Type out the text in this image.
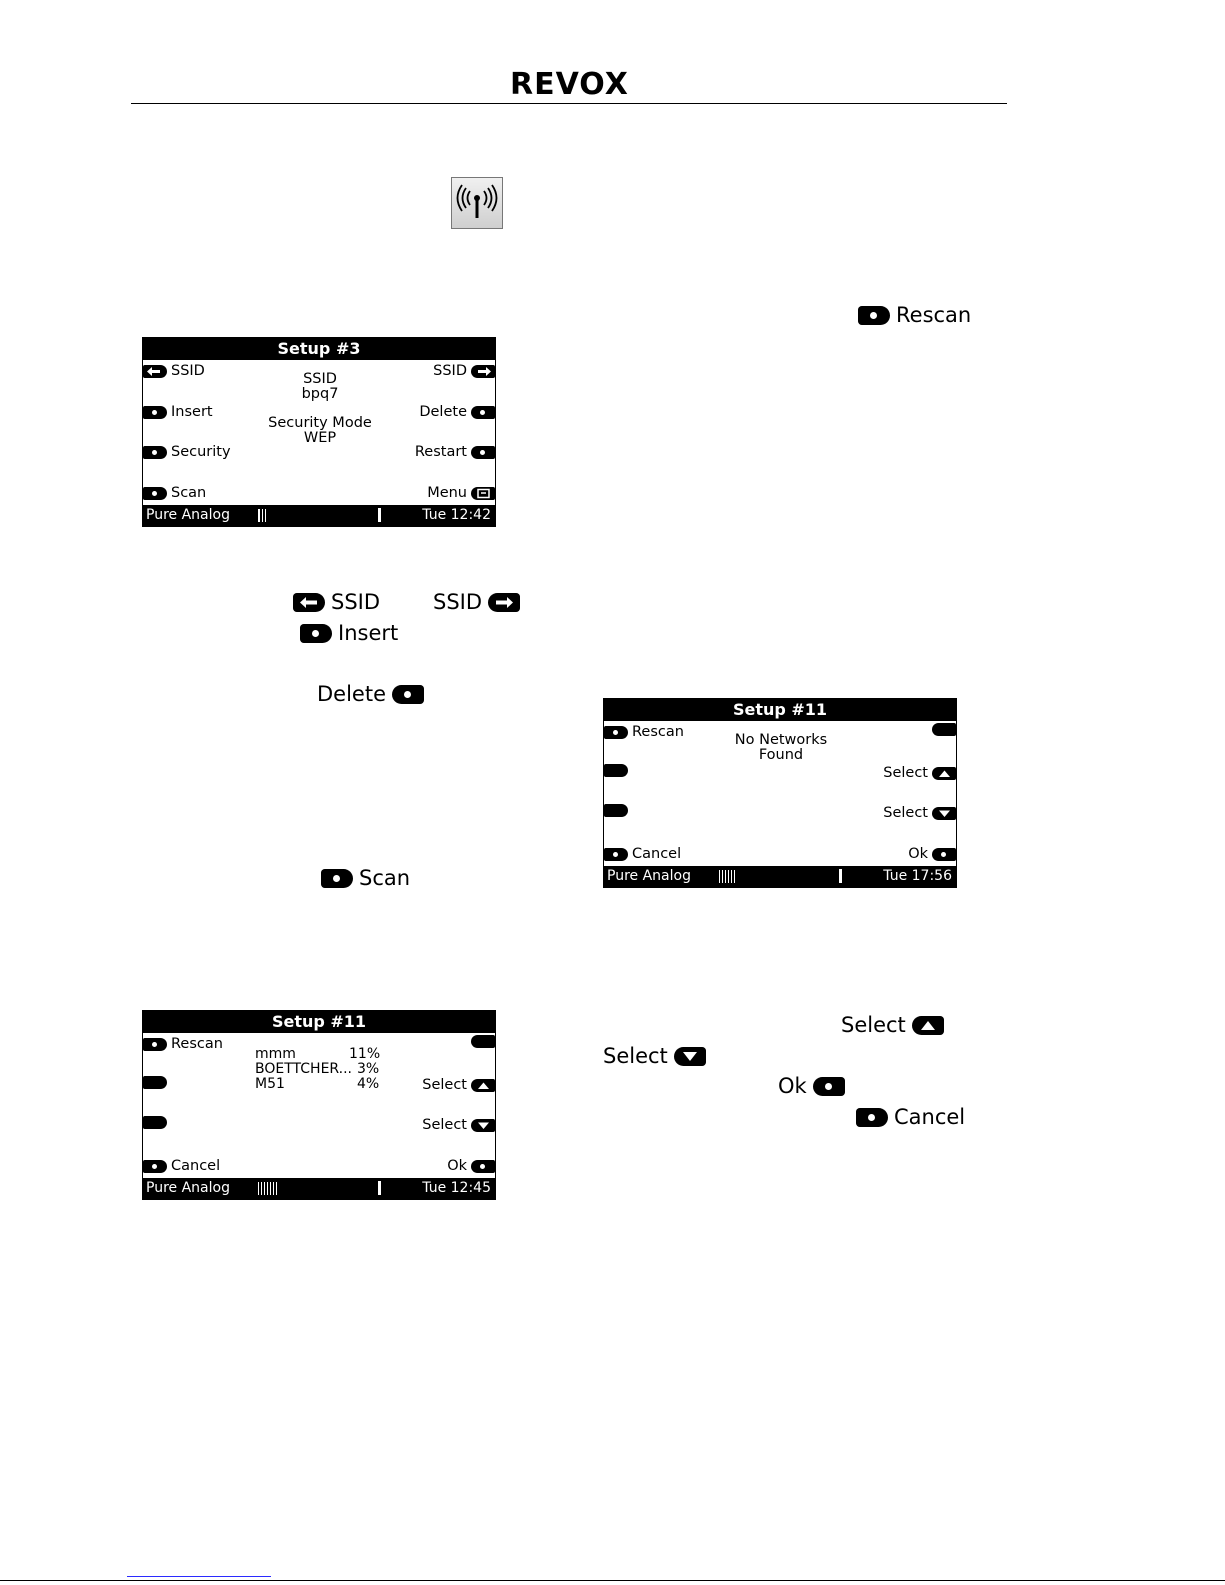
REVOX
Rescan
SSID	SSID
Insert
Delete
Scan
Select
Select
Ok
Cancel
Setup #3
SSID
Insert
Security
Scan
SSID
Delete
Restart
Menu
SSID
bpq7
Security Mode
WEP
Pure Analog	Tue 12:42
Setup #11
Rescan
Cancel
Select
Select
Ok
No Networks
Found
Pure Analog	Tue 17:56
Setup #11
Rescan
Cancel
Select
Select
Ok
mmm	11%
BOETTCHER... 3%
M51	4%
Pure Analog	Tue 12:45
